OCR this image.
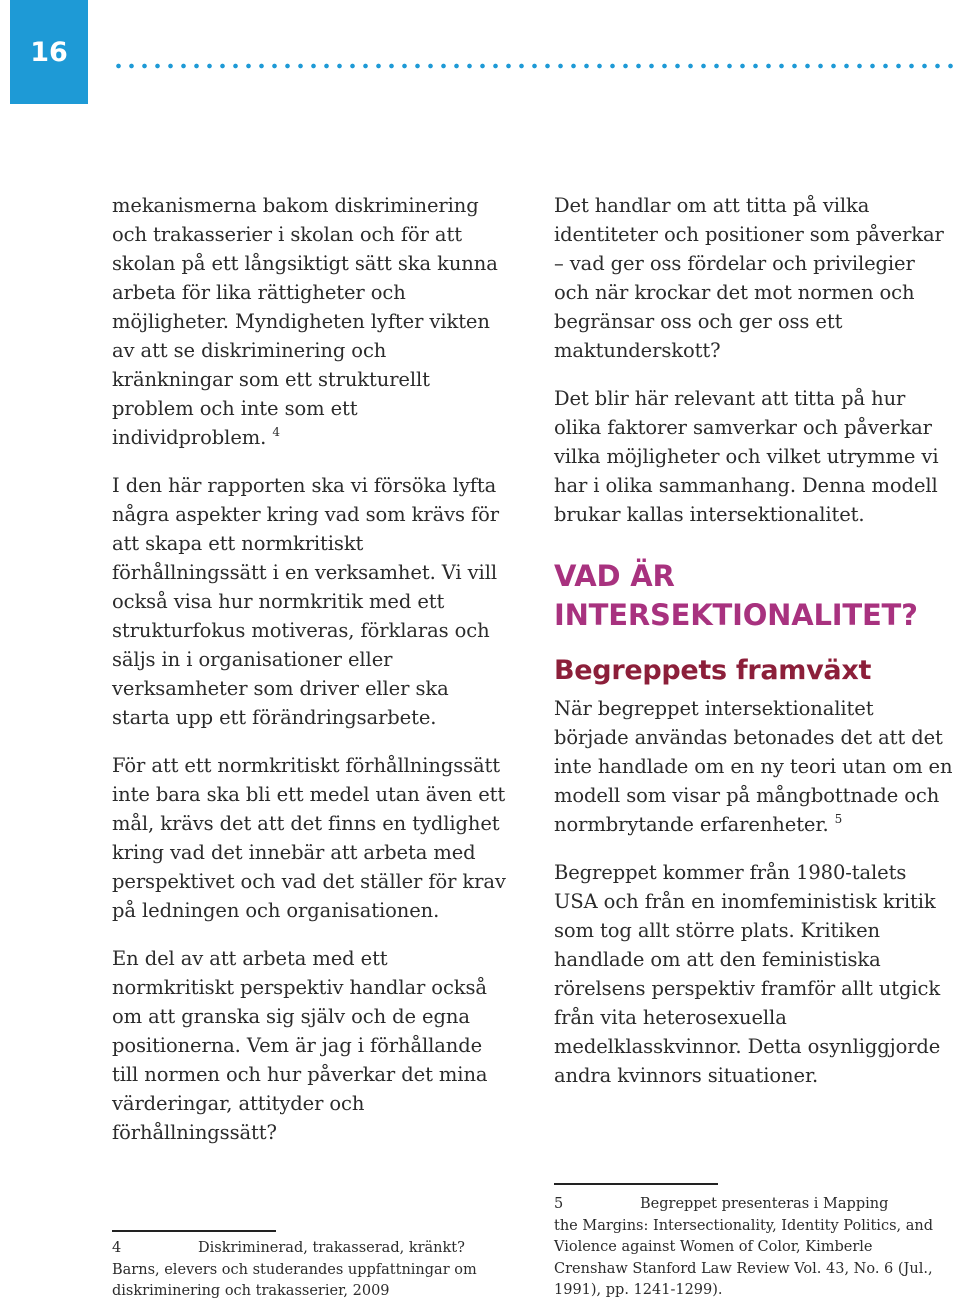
16

mekanismerna bakom diskriminering och trakasserier i skolan och för att skolan på ett långsiktigt sätt ska kunna arbeta för lika rättigheter och möjligheter. Myndigheten lyfter vikten av att se diskriminering och kränkningar som ett strukturellt problem och inte som ett individproblem. $^4$

I den här rapporten ska vi försöka lyfta några aspekter kring vad som krävs för att skapa ett normkritiskt förhållningssätt i en verksamhet. Vi vill också visa hur normkritik med ett strukturfokus motiveras, förklaras och säljs in i organisationer eller verksamheter som driver eller ska starta upp ett förändringsarbete.

För att ett normkritiskt förhållningssätt inte bara ska bli ett medel utan även ett mål, krävs det att det finns en tydlighet kring vad det innebär att arbeta med perspektivet och vad det ställer för krav på ledningen och organisationen.

En del av att arbeta med ett normkritiskt perspektiv handlar också om att granska sig själv och de egna positionerna. Vem är jag i förhållande till normen och hur påverkar det mina värderingar, attityder och förhållningssätt?

Det handlar om att titta på vilka identiteter och positioner som påverkar – vad ger oss fördelar och privilegier och när krockar det mot normen och begränsar oss och ger oss ett maktunderskott?

Det blir här relevant att titta på hur olika faktorer samverkar och påverkar vilka möjligheter och vilket utrymme vi har i olika sammanhang. Denna modell brukar kallas intersektionalitet.

VAD ÄR
INTERSEKTIONALITET?
Begreppets framväxt

När begreppet intersektionalitet började användas betonades det att det inte handlade om en ny teori utan om en modell som visar på mångbottnade och normbrytande erfarenheter. $^5$

Begreppet kommer från 1980-talets USA och från en inomfeministisk kritik som tog allt större plats. Kritiken handlade om att den feministiska rörelsens perspektiv framför allt utgick från vita heterosexuella medelklasskvinnor. Detta osynliggjorde andra kvinnors situationer.

4	Diskriminerad, trakasserad, kränkt?
Barns, elevers och studerandes uppfattningar om diskriminering och trakasserier, 2009
5	Begreppet presenteras i Mapping
the Margins: Intersectionality, Identity Politics, and Violence against Women of Color, Kimberle Crenshaw Stanford Law Review Vol. 43, No. 6 (Jul., 1991), pp. 1241-1299).
